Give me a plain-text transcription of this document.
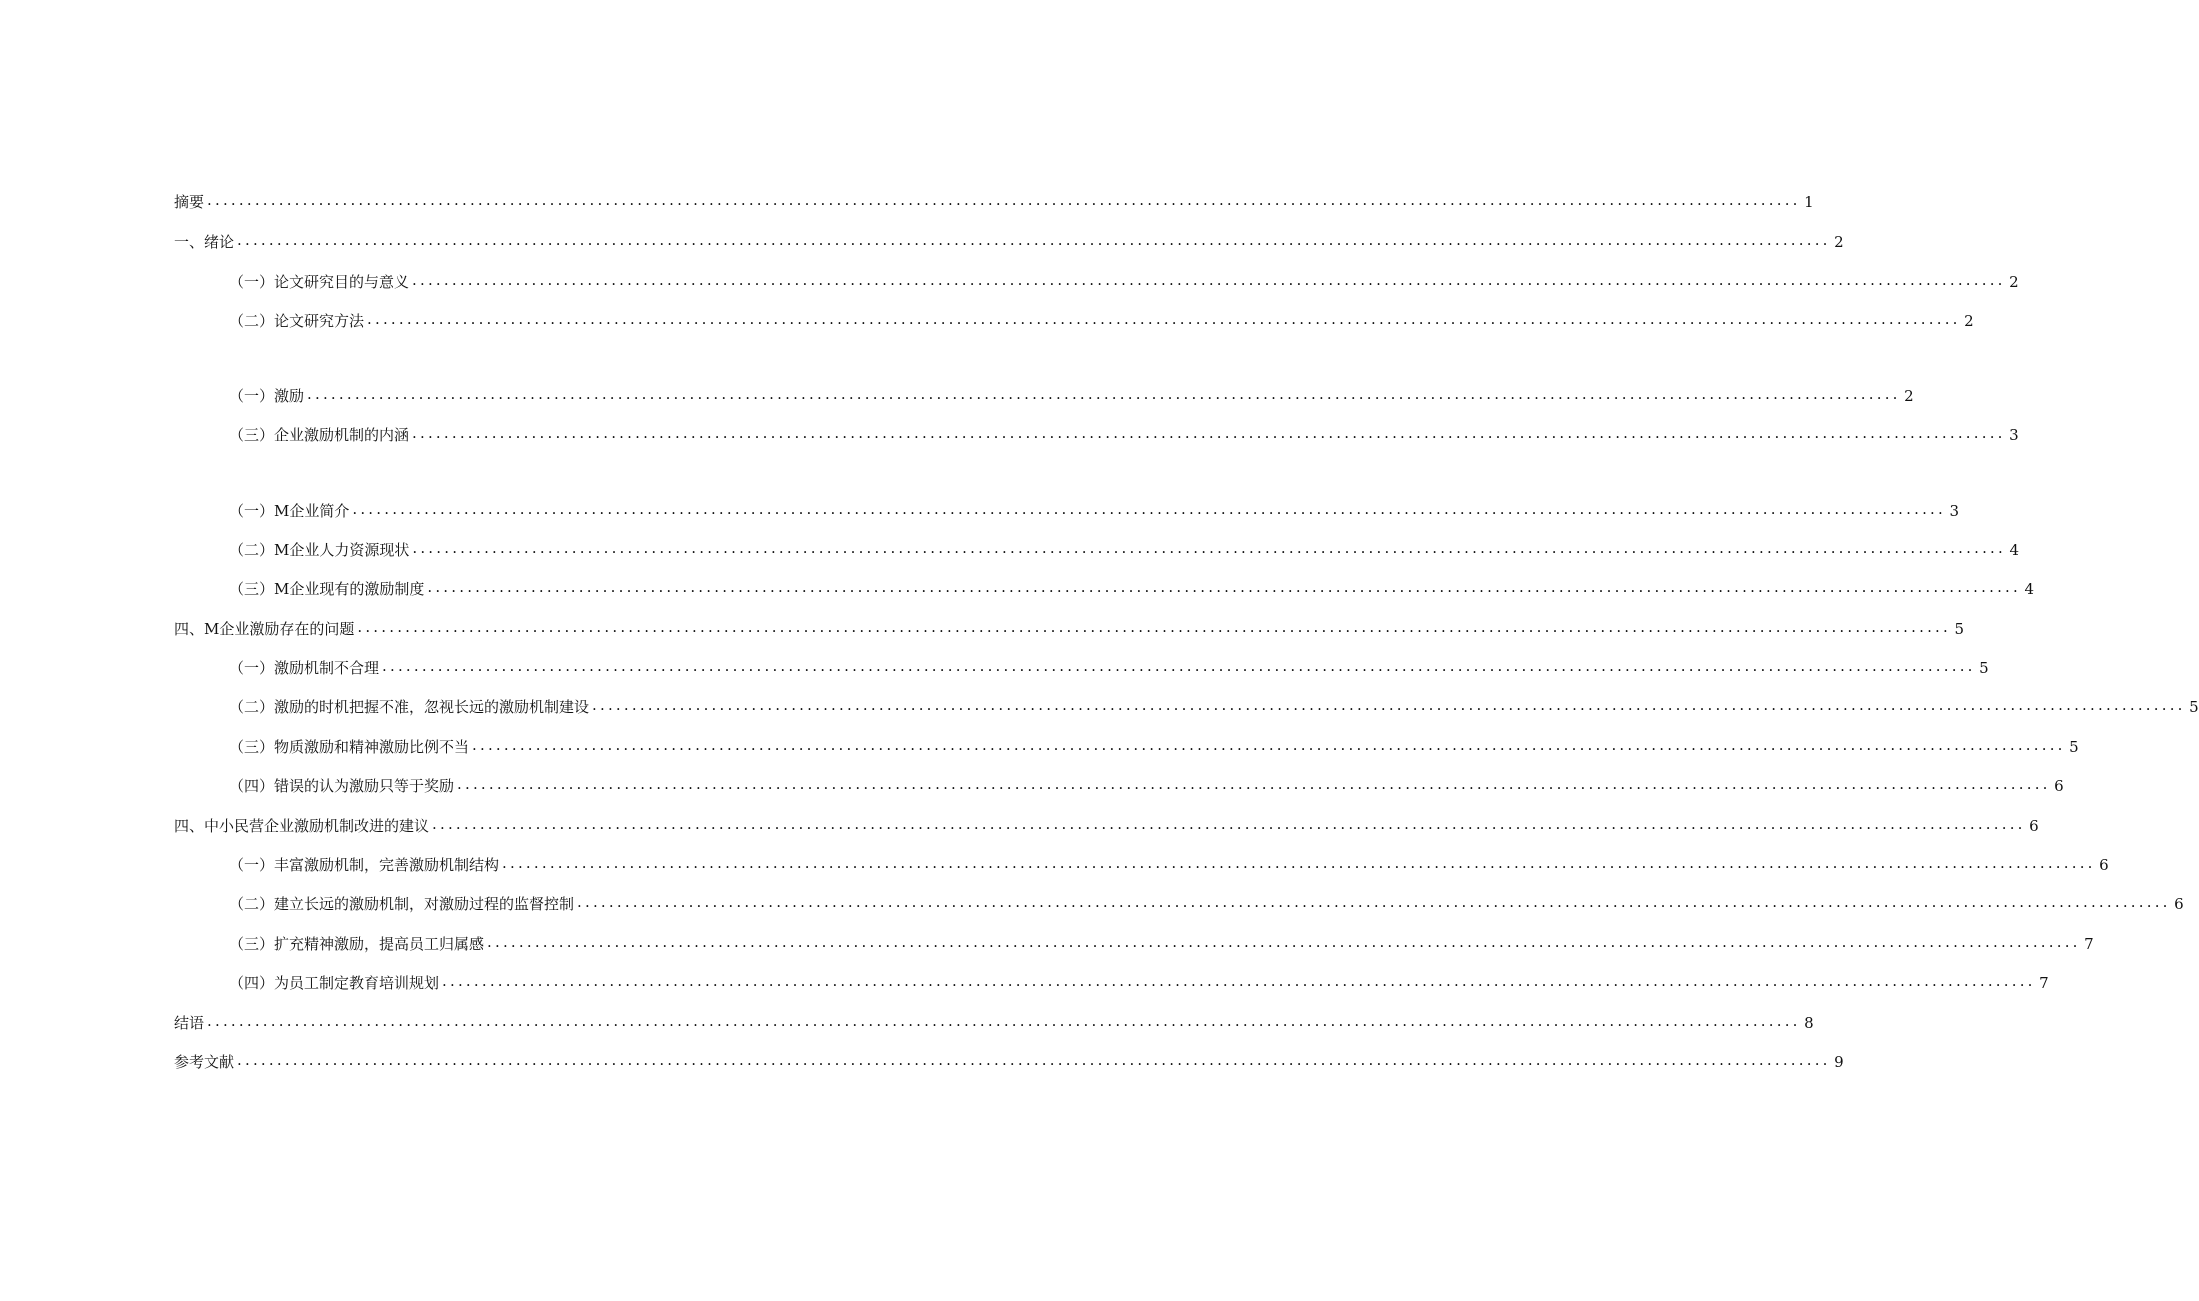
摘要 ........................................................................................................................................................................................................ 1
一、绪论 ........................................................................................................................................................................................................ 2
（一）论文研究目的与意义 ........................................................................................................................................................................................................ 2
（二）论文研究方法 ........................................................................................................................................................................................................ 2
（一）激励 ........................................................................................................................................................................................................ 2
（三）企业激励机制的内涵 ........................................................................................................................................................................................................ 3
（一）M企业简介 ........................................................................................................................................................................................................ 3
（二）M企业人力资源现状 ........................................................................................................................................................................................................ 4
（三）M企业现有的激励制度 ........................................................................................................................................................................................................ 4
四、M企业激励存在的问题 ........................................................................................................................................................................................................ 5
（一）激励机制不合理 ........................................................................................................................................................................................................ 5
（二）激励的时机把握不准，忽视长远的激励机制建设 ........................................................................................................................................................................................................ 5
（三）物质激励和精神激励比例不当 ........................................................................................................................................................................................................ 5
（四）错误的认为激励只等于奖励 ........................................................................................................................................................................................................ 6
四、中小民营企业激励机制改进的建议 ........................................................................................................................................................................................................ 6
（一）丰富激励机制，完善激励机制结构 ........................................................................................................................................................................................................ 6
（二）建立长远的激励机制，对激励过程的监督控制 ........................................................................................................................................................................................................ 6
（三）扩充精神激励，提高员工归属感 ........................................................................................................................................................................................................ 7
（四）为员工制定教育培训规划 ........................................................................................................................................................................................................ 7
结语 ........................................................................................................................................................................................................ 8
参考文献 ........................................................................................................................................................................................................ 9
